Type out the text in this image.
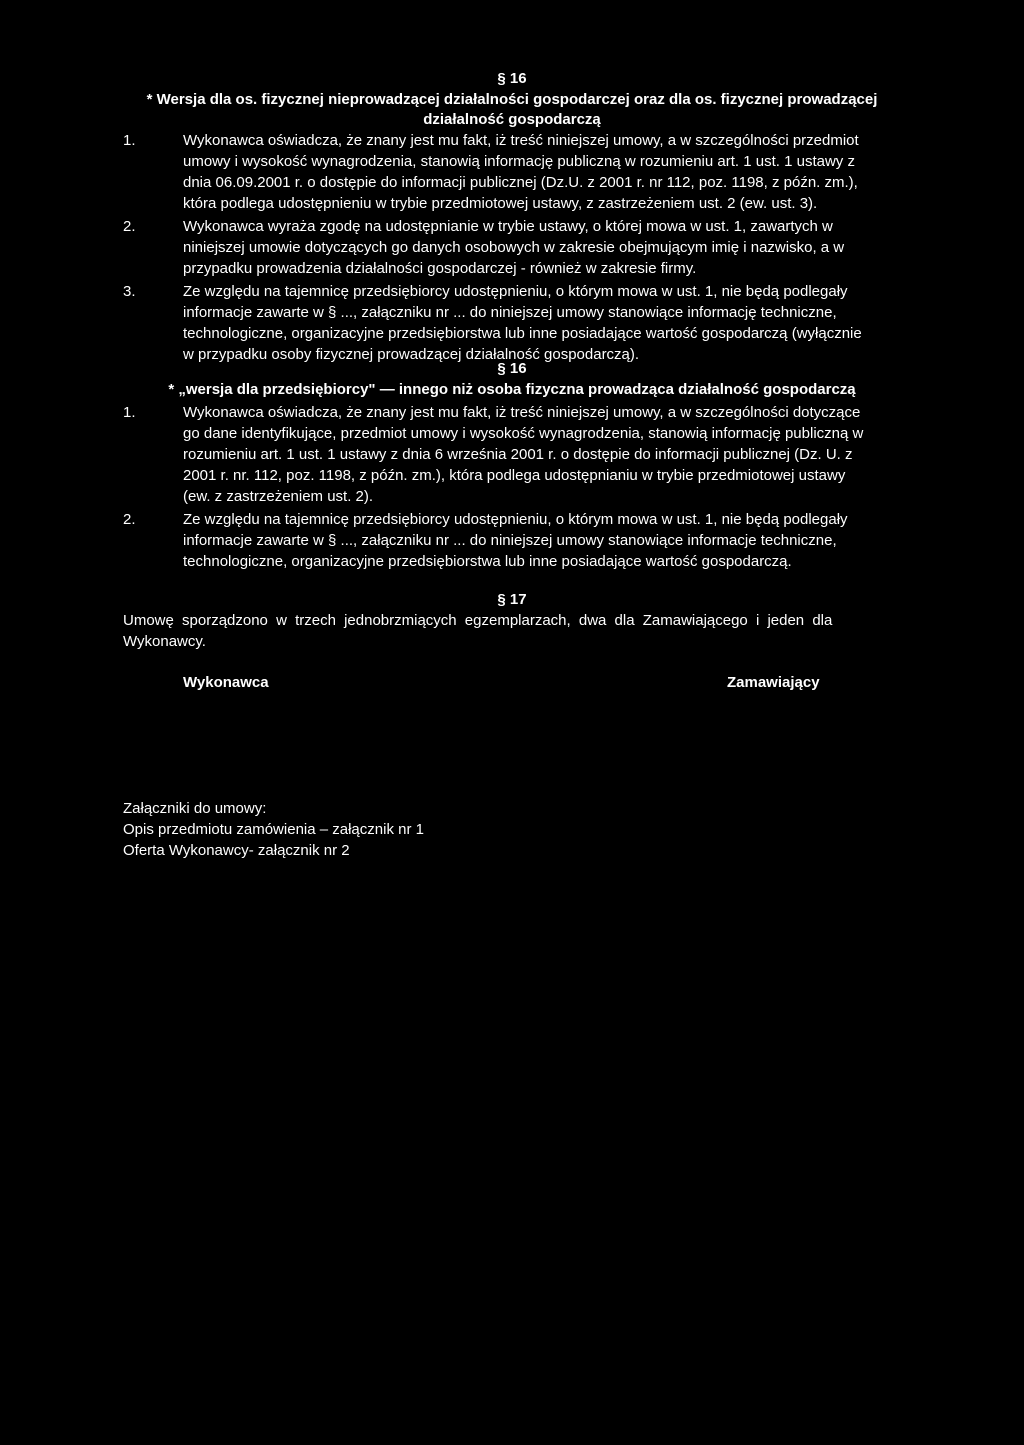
§ 16
* Wersja dla os. fizycznej nieprowadzącej działalności gospodarczej oraz dla os. fizycznej prowadzącej
działalność gospodarczą
1.	Wykonawca oświadcza, że znany jest mu fakt, iż treść niniejszej umowy, a w szczególności przedmiot
umowy i wysokość wynagrodzenia, stanowią informację publiczną w rozumieniu art. 1 ust. 1 ustawy z
dnia 06.09.2001 r. o dostępie do informacji publicznej (Dz.U. z 2001 r. nr 112, poz. 1198, z późn. zm.),
która podlega udostępnieniu w trybie przedmiotowej ustawy, z zastrzeżeniem ust. 2 (ew. ust. 3).
2.	Wykonawca wyraża zgodę na udostępnianie w trybie ustawy, o której mowa w ust. 1, zawartych w
niniejszej umowie dotyczących go danych osobowych w zakresie obejmującym imię i nazwisko, a w
przypadku prowadzenia działalności gospodarczej - również w zakresie firmy.
3.	Ze względu na tajemnicę przedsiębiorcy udostępnieniu, o którym mowa w ust. 1, nie będą podlegały
informacje zawarte w § ..., załączniku nr ... do niniejszej umowy stanowiące informację techniczne,
technologiczne, organizacyjne przedsiębiorstwa lub inne posiadające wartość gospodarczą (wyłącznie
w przypadku osoby fizycznej prowadzącej działalność gospodarczą).
§ 16
* „wersja dla przedsiębiorcy" — innego niż osoba fizyczna prowadząca działalność gospodarczą
1.	Wykonawca oświadcza, że znany jest mu fakt, iż treść niniejszej umowy, a w szczególności dotyczące
go dane identyfikujące, przedmiot umowy i wysokość wynagrodzenia, stanowią informację publiczną w
rozumieniu art. 1 ust. 1 ustawy z dnia 6 września 2001 r. o dostępie do informacji publicznej (Dz. U. z
2001 r. nr. 112, poz. 1198, z późn. zm.), która podlega udostępnianiu w trybie przedmiotowej ustawy
(ew. z zastrzeżeniem ust. 2).
2.	Ze względu na tajemnicę przedsiębiorcy udostępnieniu, o którym mowa w ust. 1, nie będą podlegały
informacje zawarte w § ..., załączniku nr ... do niniejszej umowy stanowiące informacje techniczne,
technologiczne, organizacyjne przedsiębiorstwa lub inne posiadające wartość gospodarczą.
§ 17
Umowę sporządzono w trzech jednobrzmiących egzemplarzach, dwa dla Zamawiającego i jeden dla
Wykonawcy.
Wykonawca	Zamawiający
Załączniki do umowy:
Opis przedmiotu zamówienia – załącznik nr 1
Oferta Wykonawcy- załącznik nr 2
